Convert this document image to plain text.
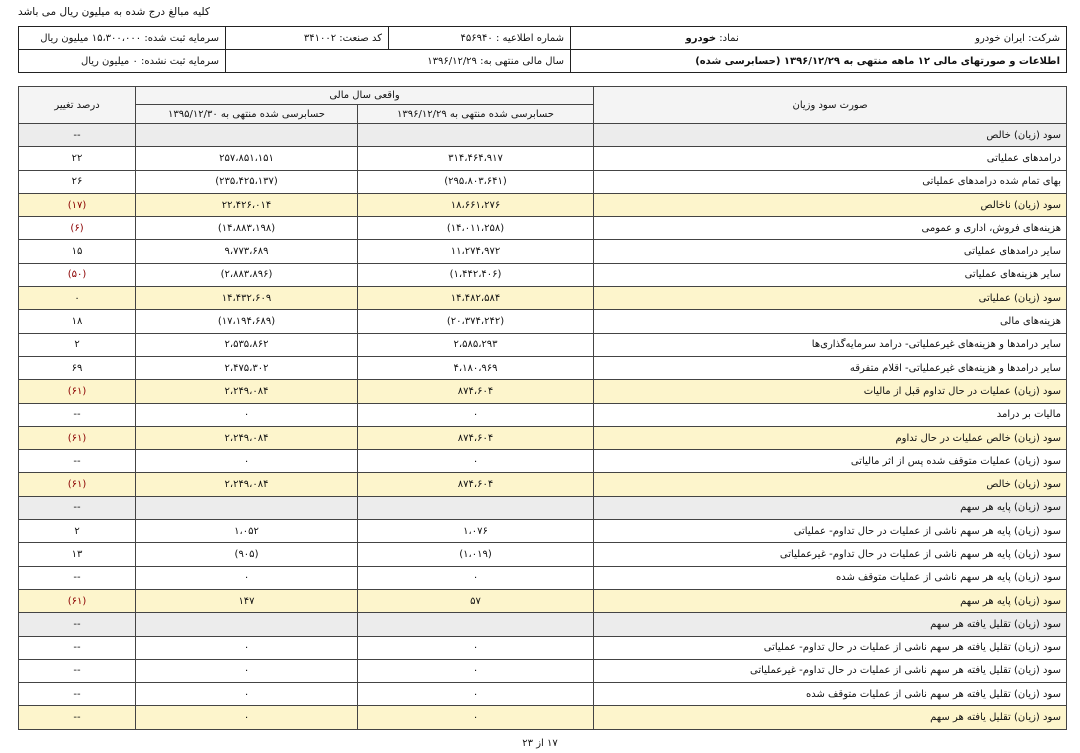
کلیه مبالغ درج شده به میلیون ریال می باشد
شرکت: ایران خودرو  نماد: خودرو	شماره اطلاعیه : ۴۵۶۹۴۰	کد صنعت: ۳۴۱۰۰۲	سرمایه ثبت شده: ۱۵،۳۰۰،۰۰۰ میلیون ریال
اطلاعات و صورتهای مالی ۱۲ ماهه منتهی به ۱۳۹۶/۱۲/۲۹ (حسابرسی شده)	سال مالی منتهی به: ۱۳۹۶/۱۲/۲۹		سرمایه ثبت نشده: ۰ میلیون ریال
صورت سود وزیان	واقعی سال مالی		درصد تغییر
	حسابرسی شده منتهی به ۱۳۹۶/۱۲/۲۹	حسابرسی شده منتهی به ۱۳۹۵/۱۲/۳۰	
سود (زیان) خالص			--
درامدهای عملیاتی	۳۱۴،۴۶۴،۹۱۷	۲۵۷،۸۵۱،۱۵۱	۲۲
بهای تمام شده درامدهای عملیاتی	(۲۹۵،۸۰۳،۶۴۱)	(۲۳۵،۴۲۵،۱۳۷)	۲۶
سود (زیان) ناخالص	۱۸،۶۶۱،۲۷۶	۲۲،۴۲۶،۰۱۴	(۱۷)
هزینه‌های فروش، اداری و عمومی	(۱۴،۰۱۱،۲۵۸)	(۱۴،۸۸۳،۱۹۸)	(۶)
سایر درامدهای عملیاتی	۱۱،۲۷۴،۹۷۲	۹،۷۷۳،۶۸۹	۱۵
سایر هزینه‌های عملیاتی	(۱،۴۴۲،۴۰۶)	(۲،۸۸۳،۸۹۶)	(۵۰)
سود (زیان) عملیاتی	۱۴،۴۸۲،۵۸۴	۱۴،۴۳۲،۶۰۹	۰
هزینه‌های مالی	(۲۰،۳۷۴،۲۴۲)	(۱۷،۱۹۴،۶۸۹)	۱۸
سایر درامدها و هزینه‌های غیرعملیاتی- درامد سرمایه‌گذاری‌ها	۲،۵۸۵،۲۹۳	۲،۵۳۵،۸۶۲	۲
سایر درامدها و هزینه‌های غیرعملیاتی- اقلام متفرقه	۴،۱۸۰،۹۶۹	۲،۴۷۵،۳۰۲	۶۹
سود (زیان) عملیات در حال تداوم قبل از مالیات	۸۷۴،۶۰۴	۲،۲۴۹،۰۸۴	(۶۱)
مالیات بر درامد	۰	۰	--
سود (زیان) خالص عملیات در حال تداوم	۸۷۴،۶۰۴	۲،۲۴۹،۰۸۴	(۶۱)
سود (زیان) عملیات متوقف شده پس از اثر مالیاتی	۰	۰	--
سود (زیان) خالص	۸۷۴،۶۰۴	۲،۲۴۹،۰۸۴	(۶۱)
سود (زیان) پایه هر سهم			--
سود (زیان) پایه هر سهم ناشی از عملیات در حال تداوم- عملیاتی	۱،۰۷۶	۱،۰۵۲	۲
سود (زیان) پایه هر سهم ناشی از عملیات در حال تداوم- غیرعملیاتی	(۱،۰۱۹)	(۹۰۵)	۱۳
سود (زیان) پایه هر سهم ناشی از عملیات متوقف شده	۰	۰	--
سود (زیان) پایه هر سهم	۵۷	۱۴۷	(۶۱)
سود (زیان) تقلیل یافته هر سهم			--
سود (زیان) تقلیل یافته هر سهم ناشی از عملیات در حال تداوم- عملیاتی	۰	۰	--
سود (زیان) تقلیل یافته هر سهم ناشی از عملیات در حال تداوم- غیرعملیاتی	۰	۰	--
سود (زیان) تقلیل یافته هر سهم ناشی از عملیات متوقف شده	۰	۰	--
سود (زیان) تقلیل یافته هر سهم	۰	۰	--
۱۷ از ۲۳
